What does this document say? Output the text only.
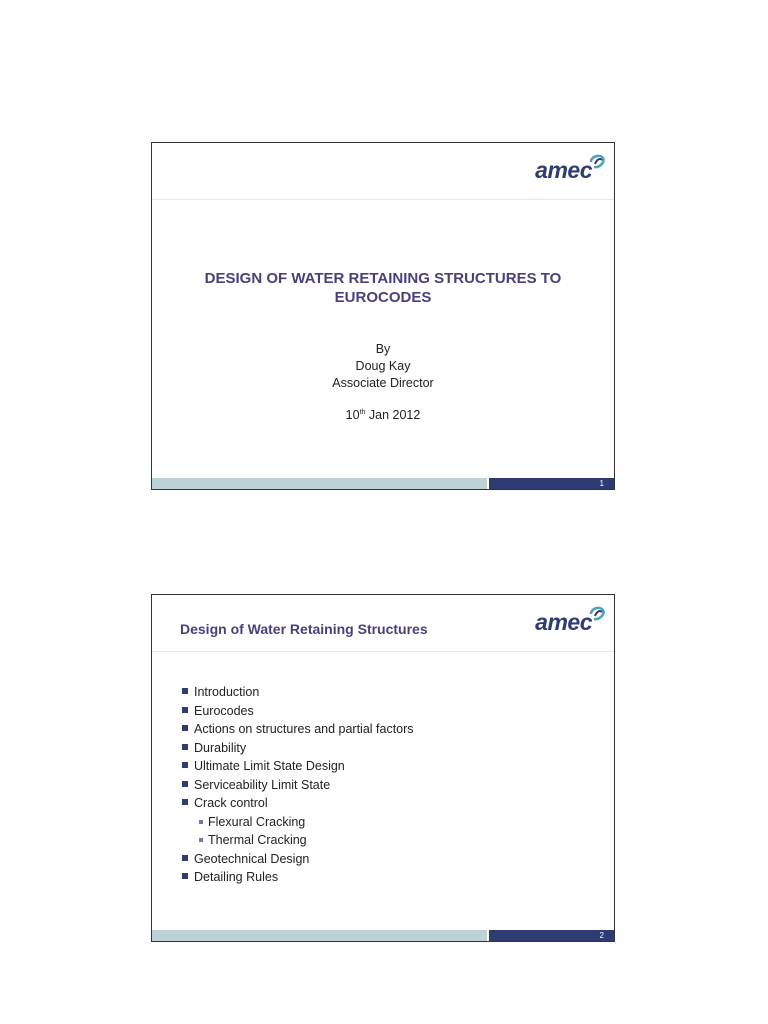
amec
DESIGN OF WATER RETAINING STRUCTURES TO
EUROCODES
By
Doug Kay
Associate Director
10th Jan 2012
1
Design of Water Retaining Structures	amec
Introduction
Eurocodes
Actions on structures and partial factors
Durability
Ultimate Limit State Design
Serviceability Limit State
Crack control
Flexural Cracking
Thermal Cracking
Geotechnical Design
Detailing Rules
2
